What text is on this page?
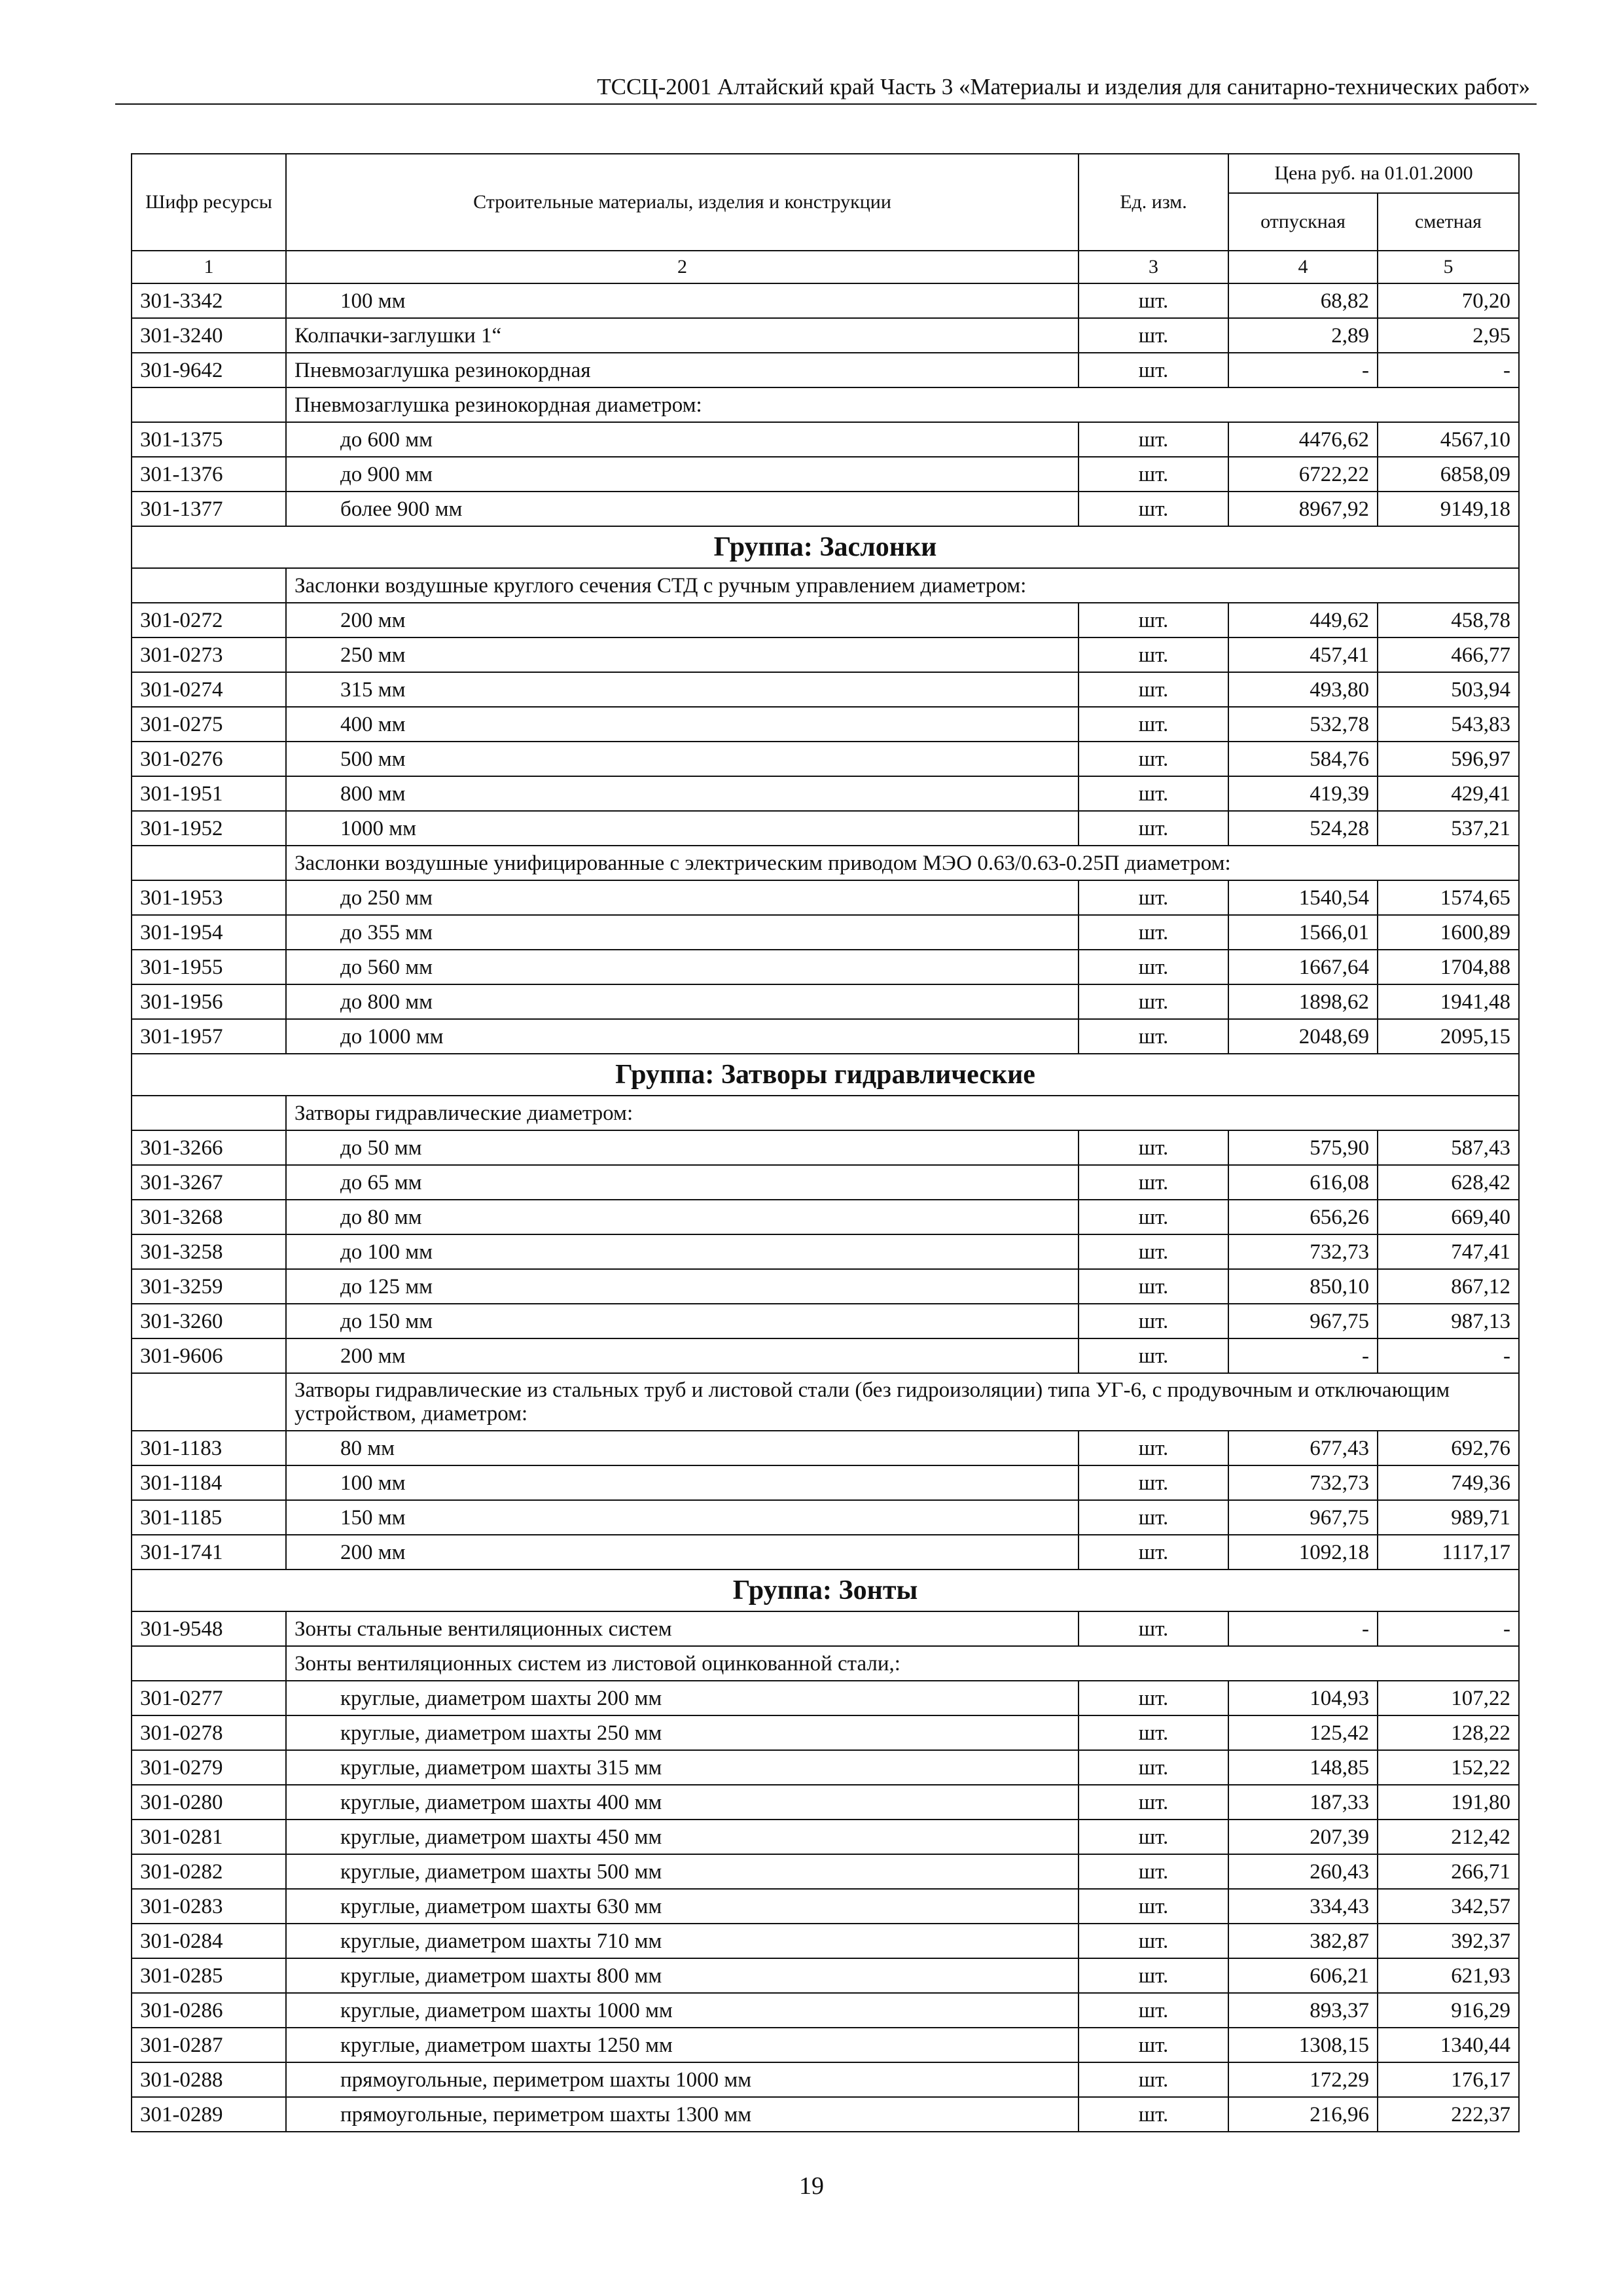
ТССЦ-2001 Алтайский край Часть 3 «Материалы и изделия для санитарно-технических работ»
Шифр ресурсы	Строительные материалы, изделия и конструкции	Ед. изм.	Цена руб. на 01.01.2000	
			отпускная	сметная
1	2	3	4	5
301-3342	100 мм	шт.	68,82	70,20
301-3240	Колпачки-заглушки 1“	шт.	2,89	2,95
301-9642	Пневмозаглушка резинокордная	шт.	-	-
	Пневмозаглушка резинокордная диаметром:			
301-1375	до 600 мм	шт.	4476,62	4567,10
301-1376	до 900 мм	шт.	6722,22	6858,09
301-1377	более 900 мм	шт.	8967,92	9149,18
Группа: Заслонки				
	Заслонки воздушные круглого сечения СТД с ручным управлением диаметром:			
301-0272	200 мм	шт.	449,62	458,78
301-0273	250 мм	шт.	457,41	466,77
301-0274	315 мм	шт.	493,80	503,94
301-0275	400 мм	шт.	532,78	543,83
301-0276	500 мм	шт.	584,76	596,97
301-1951	800 мм	шт.	419,39	429,41
301-1952	1000 мм	шт.	524,28	537,21
	Заслонки воздушные унифицированные с электрическим приводом МЭО 0.63/0.63-0.25П диаметром:			
301-1953	до 250 мм	шт.	1540,54	1574,65
301-1954	до 355 мм	шт.	1566,01	1600,89
301-1955	до 560 мм	шт.	1667,64	1704,88
301-1956	до 800 мм	шт.	1898,62	1941,48
301-1957	до 1000 мм	шт.	2048,69	2095,15
Группа: Затворы гидравлические				
	Затворы гидравлические диаметром:			
301-3266	до 50 мм	шт.	575,90	587,43
301-3267	до 65 мм	шт.	616,08	628,42
301-3268	до 80 мм	шт.	656,26	669,40
301-3258	до 100 мм	шт.	732,73	747,41
301-3259	до 125 мм	шт.	850,10	867,12
301-3260	до 150 мм	шт.	967,75	987,13
301-9606	200 мм	шт.	-	-
	Затворы гидравлические из стальных труб и листовой стали (без гидроизоляции) типа УГ-6, с продувочным и отключающим устройством, диаметром:			
301-1183	80 мм	шт.	677,43	692,76
301-1184	100 мм	шт.	732,73	749,36
301-1185	150 мм	шт.	967,75	989,71
301-1741	200 мм	шт.	1092,18	1117,17
Группа: Зонты				
301-9548	Зонты стальные вентиляционных систем	шт.	-	-
	Зонты вентиляционных систем из листовой оцинкованной стали,:			
301-0277	круглые, диаметром шахты 200 мм	шт.	104,93	107,22
301-0278	круглые, диаметром шахты 250 мм	шт.	125,42	128,22
301-0279	круглые, диаметром шахты 315 мм	шт.	148,85	152,22
301-0280	круглые, диаметром шахты 400 мм	шт.	187,33	191,80
301-0281	круглые, диаметром шахты 450 мм	шт.	207,39	212,42
301-0282	круглые, диаметром шахты 500 мм	шт.	260,43	266,71
301-0283	круглые, диаметром шахты 630 мм	шт.	334,43	342,57
301-0284	круглые, диаметром шахты 710 мм	шт.	382,87	392,37
301-0285	круглые, диаметром шахты 800 мм	шт.	606,21	621,93
301-0286	круглые, диаметром шахты 1000 мм	шт.	893,37	916,29
301-0287	круглые, диаметром шахты 1250 мм	шт.	1308,15	1340,44
301-0288	прямоугольные, периметром шахты 1000 мм	шт.	172,29	176,17
301-0289	прямоугольные, периметром шахты 1300 мм	шт.	216,96	222,37
19
